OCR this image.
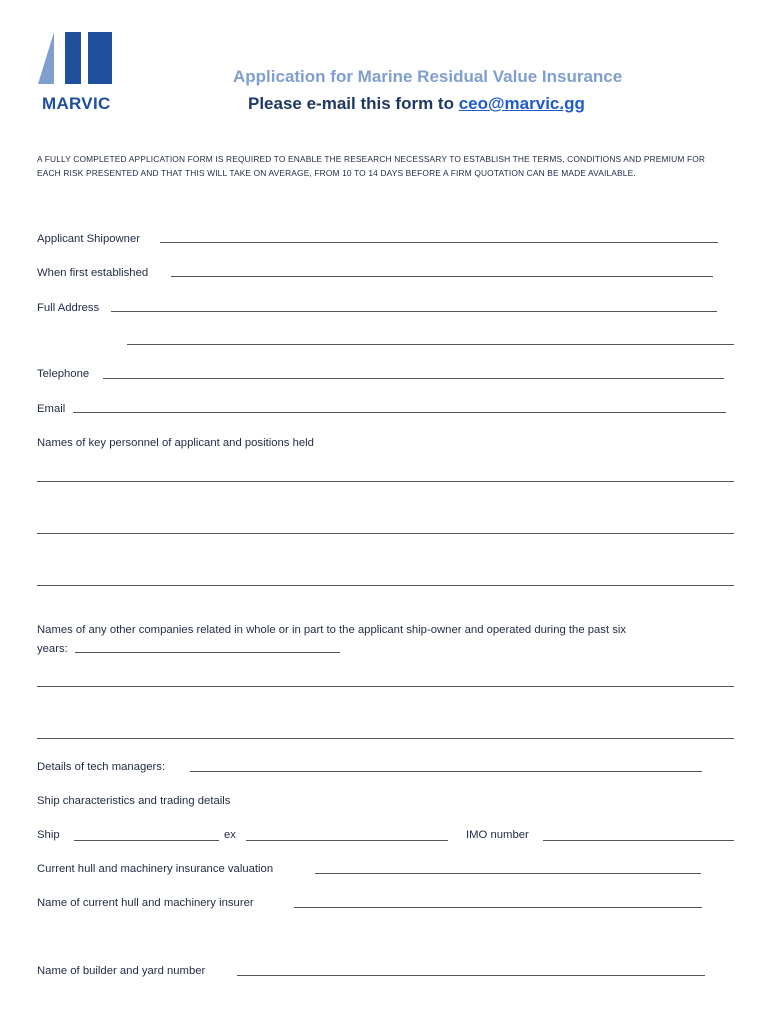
MARVIC
Application for Marine Residual Value Insurance
Please e-mail this form to ceo@marvic.gg
A FULLY COMPLETED APPLICATION FORM IS REQUIRED TO ENABLE THE RESEARCH NECESSARY TO ESTABLISH THE TERMS, CONDITIONS AND PREMIUM FOR EACH RISK PRESENTED AND THAT THIS WILL TAKE ON AVERAGE, FROM 10 TO 14 DAYS BEFORE A FIRM QUOTATION CAN BE MADE AVAILABLE.
Applicant Shipowner
When first established
Full Address
Telephone
Email
Names of key personnel of applicant and positions held
Names of any other companies related in whole or in part to the applicant ship-owner and operated during the past six
years:
Details of tech managers:
Ship characteristics and trading details
Ship	ex	IMO number
Current hull and machinery insurance valuation
Name of current hull and machinery insurer
Name of builder and yard number
